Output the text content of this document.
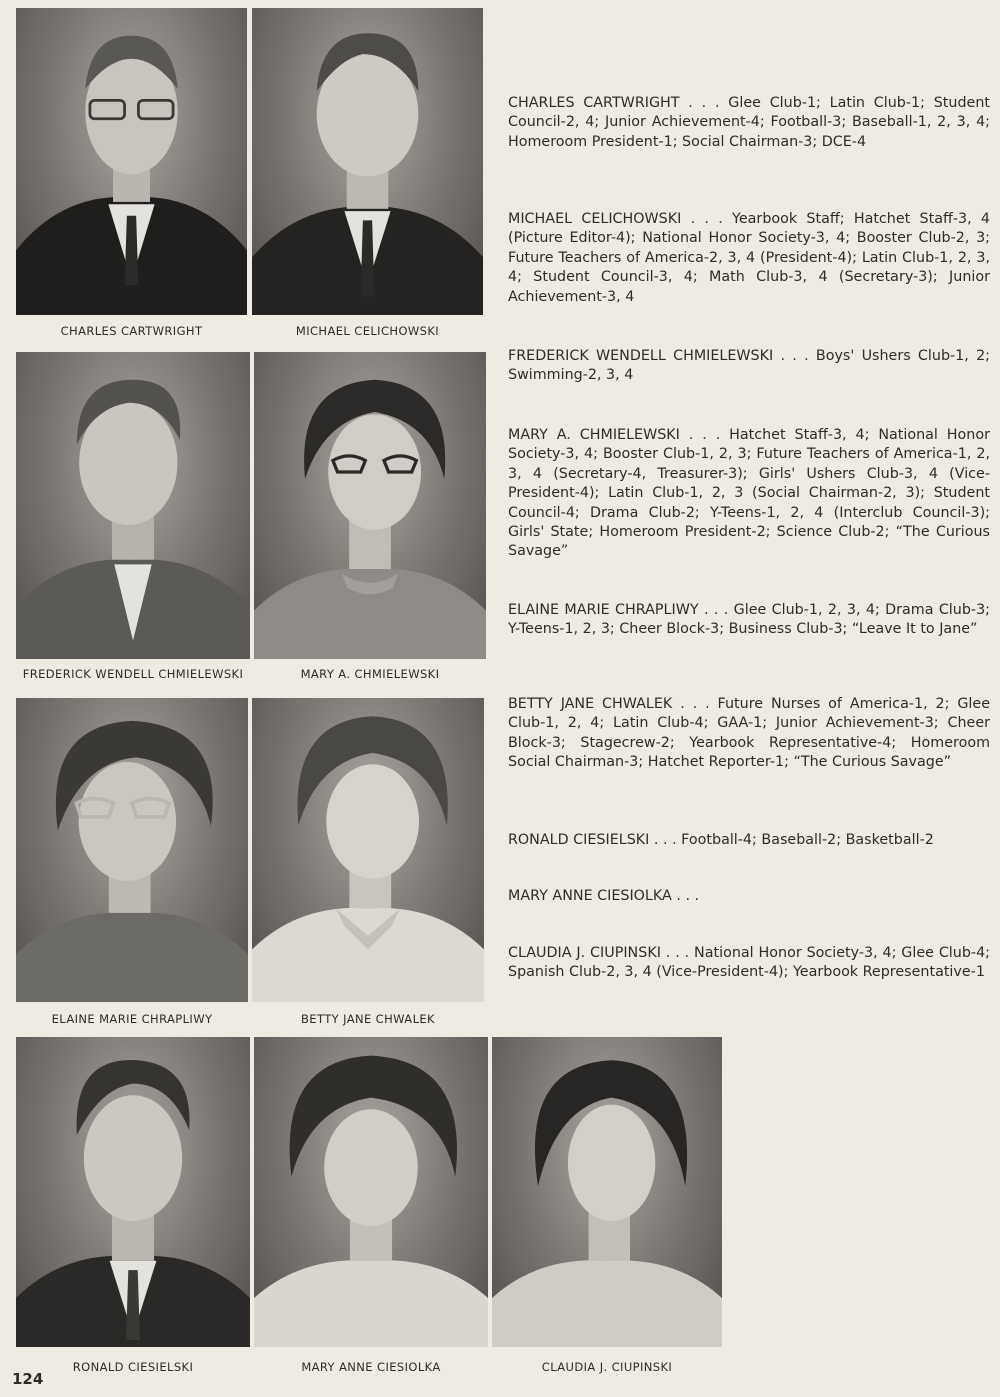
CHARLES CARTWRIGHT	MICHAEL CELICHOWSKI
FREDERICK WENDELL CHMIELEWSKI	MARY A. CHMIELEWSKI
ELAINE MARIE CHRAPLIWY	BETTY JANE CHWALEK
RONALD CIESIELSKI	MARY ANNE CIESIOLKA	CLAUDIA J. CIUPINSKI
CHARLES CARTWRIGHT . . . Glee Club-1; Latin Club-1; Student Council-2, 4; Junior Achievement-4; Football-3; Baseball-1, 2, 3, 4; Homeroom President-1; Social Chairman-3; DCE-4
MICHAEL CELICHOWSKI . . . Yearbook Staff; Hatchet Staff-3, 4 (Picture Editor-4); National Honor Society-3, 4; Booster Club-2, 3; Future Teachers of America-2, 3, 4 (President-4); Latin Club-1, 2, 3, 4; Student Council-3, 4; Math Club-3, 4 (Secretary-3); Junior Achievement-3, 4
FREDERICK WENDELL CHMIELEWSKI . . . Boys' Ushers Club-1, 2; Swimming-2, 3, 4
MARY A. CHMIELEWSKI . . . Hatchet Staff-3, 4; National Honor Society-3, 4; Booster Club-1, 2, 3; Future Teachers of America-1, 2, 3, 4 (Secretary-4, Treasurer-3); Girls' Ushers Club-3, 4 (Vice-President-4); Latin Club-1, 2, 3 (Social Chairman-2, 3); Student Council-4; Drama Club-2; Y-Teens-1, 2, 4 (Interclub Council-3); Girls' State; Homeroom President-2; Science Club-2; “The Curious Savage”
ELAINE MARIE CHRAPLIWY . . . Glee Club-1, 2, 3, 4; Drama Club-3; Y-Teens-1, 2, 3; Cheer Block-3; Business Club-3; “Leave It to Jane”
BETTY JANE CHWALEK . . . Future Nurses of America-1, 2; Glee Club-1, 2, 4; Latin Club-4; GAA-1; Junior Achievement-3; Cheer Block-3; Stagecrew-2; Yearbook Representative-4; Homeroom Social Chairman-3; Hatchet Reporter-1; “The Curious Savage”
RONALD CIESIELSKI . . . Football-4; Baseball-2; Basketball-2
MARY ANNE CIESIOLKA . . .
CLAUDIA J. CIUPINSKI . . . National Honor Society-3, 4; Glee Club-4; Spanish Club-2, 3, 4 (Vice-President-4); Yearbook Representative-1
124
